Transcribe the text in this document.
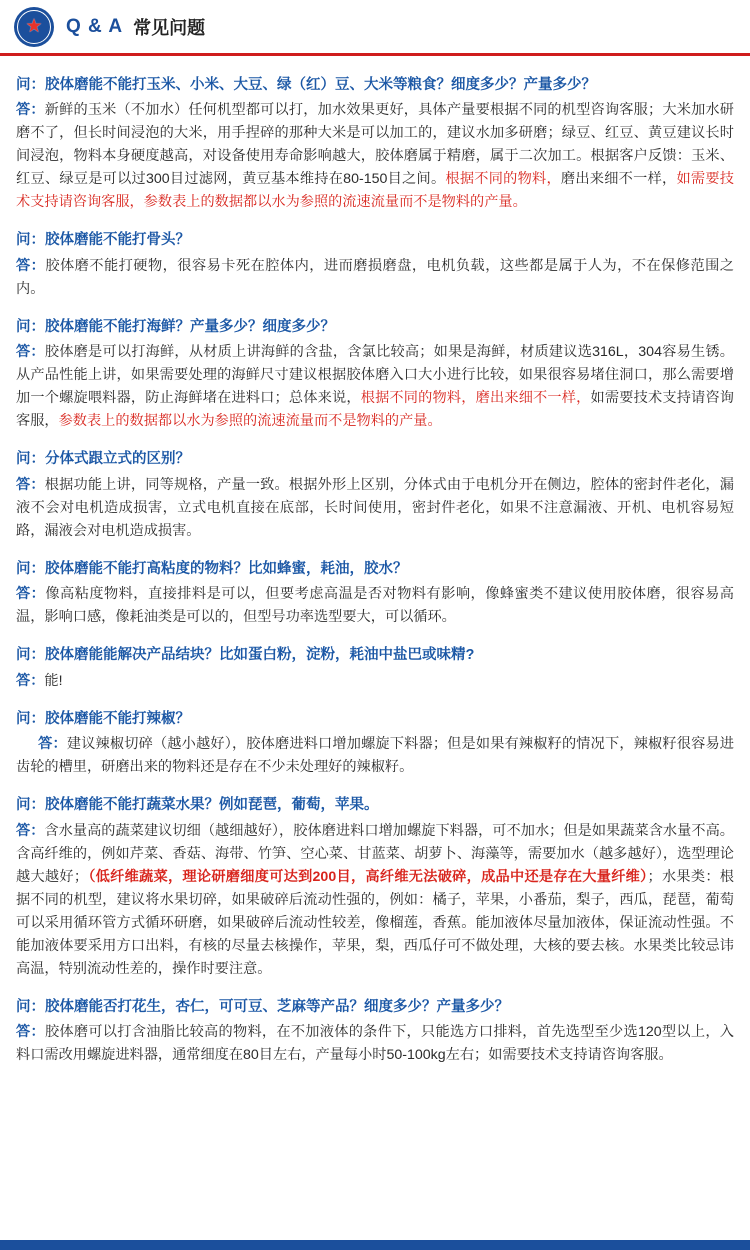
★ Q & A 常见问题
问：胶体磨能不能打玉米、小米、大豆、绿（红）豆、大米等粮食？细度多少？产量多少？
答：新鲜的玉米（不加水）任何机型都可以打，加水效果更好，具体产量要根据不同的机型咨询客服；大米加水研磨不了，但长时间浸泡的大米，用手捏碎的那种大米是可以加工的，建议水加多研磨；绿豆、红豆、黄豆建议长时间浸泡，物料本身硬度越高，对设备使用寿命影响越大，胶体磨属于精磨，属于二次加工。根据客户反馈：玉米、红豆、绿豆是可以过300目过滤网，黄豆基本维持在80-150目之间。根据不同的物料，磨出来细不一样，如需要技术支持请咨询客服，参数表上的数据都以水为参照的流速流量而不是物料的产量。
问：胶体磨能不能打骨头？
答：胶体磨不能打硬物，很容易卡死在腔体内，进而磨损磨盘，电机负载，这些都是属于人为，不在保修范围之内。
问：胶体磨能不能打海鲜？产量多少？细度多少？
答：胶体磨是可以打海鲜，从材质上讲海鲜的含盐，含氯比较高；如果是海鲜，材质建议选316L，304容易生锈。从产品性能上讲，如果需要处理的海鲜尺寸建议根据胶体磨入口大小进行比较，如果很容易堵住洞口，那么需要增加一个螺旋喂料器，防止海鲜堵在进料口；总体来说，根据不同的物料，磨出来细不一样，如需要技术支持请咨询客服，参数表上的数据都以水为参照的流速流量而不是物料的产量。
问：分体式跟立式的区别？
答：根据功能上讲，同等规格，产量一致。根据外形上区别，分体式由于电机分开在侧边，腔体的密封件老化，漏液不会对电机造成损害，立式电机直接在底部，长时间使用，密封件老化，如果不注意漏液、开机、电机容易短路，漏液会对电机造成损害。
问：胶体磨能不能打高粘度的物料？比如蜂蜜，耗油，胶水？
答：像高粘度物料，直接排料是可以，但要考虑高温是否对物料有影响，像蜂蜜类不建议使用胶体磨，很容易高温，影响口感，像耗油类是可以的，但型号功率选型要大，可以循环。
问：胶体磨能能解决产品结块？比如蛋白粉，淀粉，耗油中盐巴或味精?
答：能!
问：胶体磨能不能打辣椒？
答：建议辣椒切碎（越小越好），胶体磨进料口增加螺旋下料器；但是如果有辣椒籽的情况下，辣椒籽很容易进齿轮的槽里，研磨出来的物料还是存在不少未处理好的辣椒籽。
问：胶体磨能不能打蔬菜水果？例如琵琶，葡萄，苹果。
答：含水量高的蔬菜建议切细（越细越好），胶体磨进料口增加螺旋下料器，可不加水；但是如果蔬菜含水量不高。含高纤维的，例如芹菜、香菇、海带、竹笋、空心菜、甘蓝菜、胡萝卜、海藻等，需要加水（越多越好），选型理论越大越好；（低纤维蔬菜，理论研磨细度可达到200目，高纤维无法破碎，成品中还是存在大量纤维）；水果类：根据不同的机型，建议将水果切碎，如果破碎后流动性强的，例如：橘子，苹果，小番茄，梨子，西瓜，琵琶，葡萄可以采用循环管方式循环研磨，如果破碎后流动性较差，像榴莲，香蕉。能加液体尽量加液体，保证流动性强。不能加液体要采用方口出料，有核的尽量去核操作，苹果，梨，西瓜仔可不做处理，大核的要去核。水果类比较忌讳高温，特别流动性差的，操作时要注意。
问：胶体磨能否打花生，杏仁，可可豆、芝麻等产品？细度多少？产量多少？
答：胶体磨可以打含油脂比较高的物料，在不加液体的条件下，只能选方口排料，首先选型至少选120型以上，入料口需改用螺旋进料器，通常细度在80目左右，产量每小时50-100kg左右；如需要技术支持请咨询客服。
